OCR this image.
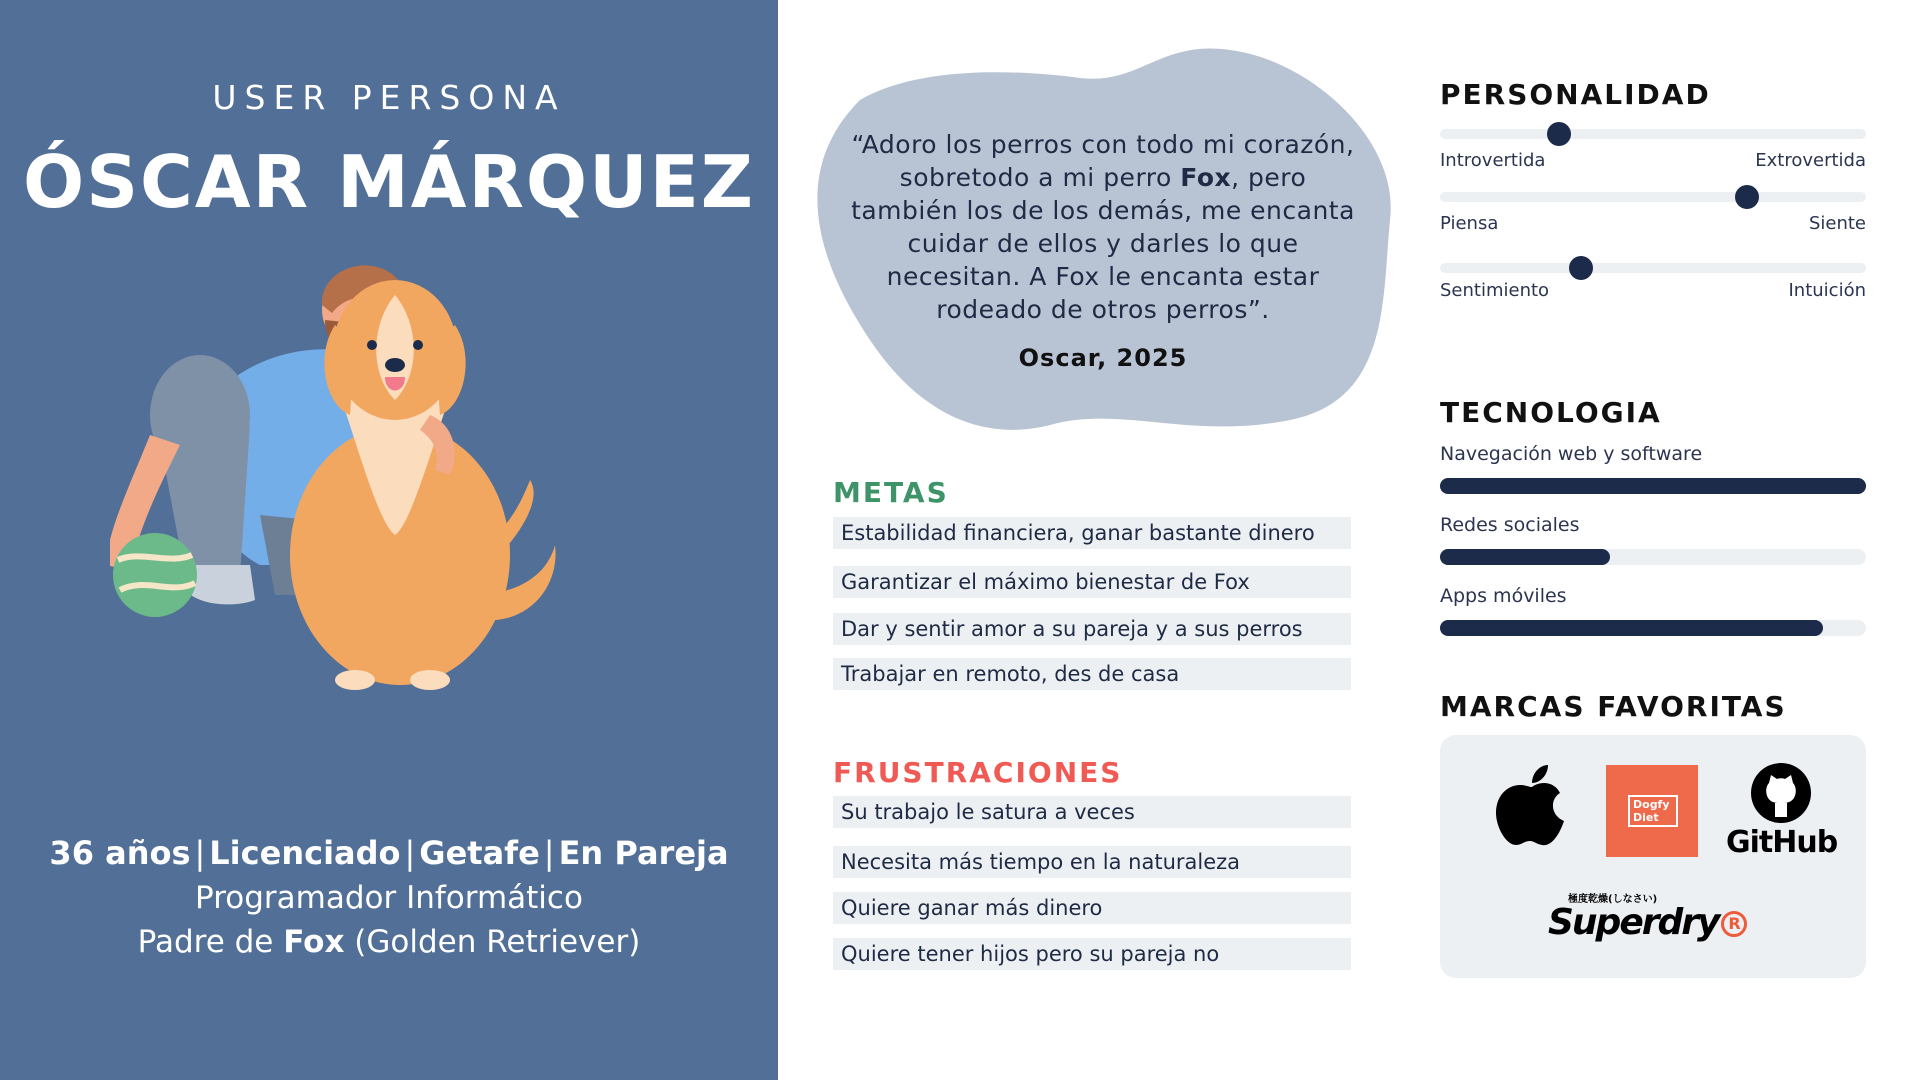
USER PERSONA
ÓSCAR MÁRQUEZ
36 años | Licenciado | Getafe | En Pareja
Programador Informático
Padre de Fox (Golden Retriever)
“Adoro los perros con todo mi corazón, sobretodo a mi perro Fox, pero también los de los demás, me encanta cuidar de ellos y darles lo que necesitan. A Fox le encanta estar rodeado de otros perros”.
Oscar, 2025
METAS
Estabilidad financiera, ganar bastante dinero
Garantizar el máximo bienestar de Fox
Dar y sentir amor a su pareja y a sus perros
Trabajar en remoto, des de casa
FRUSTRACIONES
Su trabajo le satura a veces
Necesita más tiempo en la naturaleza
Quiere ganar más dinero
Quiere tener hijos pero su pareja no
PERSONALIDAD
Introvertida	Extrovertida
Piensa	Siente
Sentimiento	Intuición
TECNOLOGIA
Navegación web y software
Redes sociales
Apps móviles
MARCAS FAVORITAS
Dogfy
Diet
GitHub
極度乾燥(しなさい)
Superdry R
